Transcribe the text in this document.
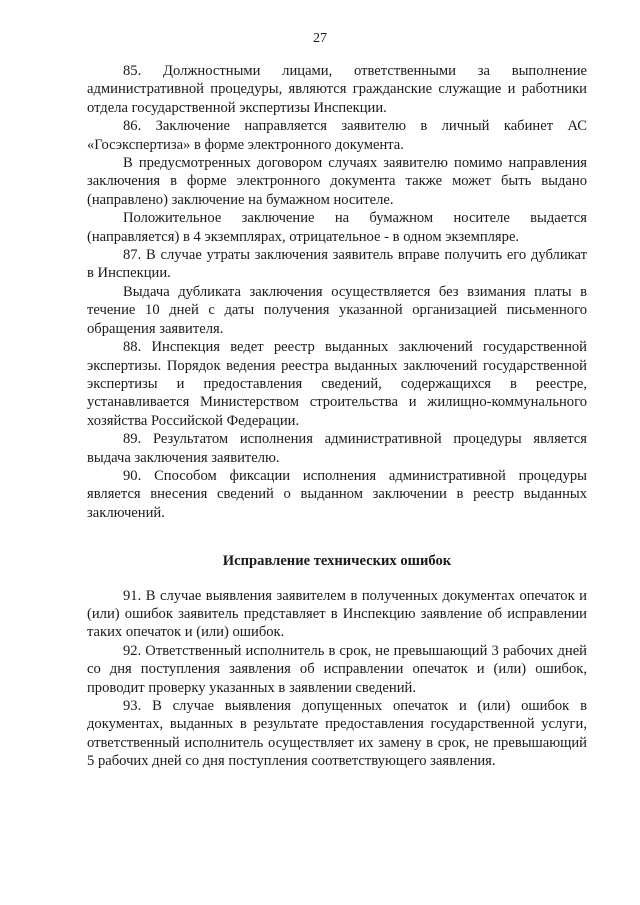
27

85. Должностными лицами, ответственными за выполнение административной процедуры, являются гражданские служащие и работники отдела государственной экспертизы Инспекции.

86. Заключение направляется заявителю в личный кабинет АС «Госэкспертиза» в форме электронного документа.

В предусмотренных договором случаях заявителю помимо направления заключения в форме электронного документа также может быть выдано (направлено) заключение на бумажном носителе.

Положительное заключение на бумажном носителе выдается (направляется) в 4 экземплярах, отрицательное - в одном экземпляре.

87. В случае утраты заключения заявитель вправе получить его дубликат в Инспекции.

Выдача дубликата заключения осуществляется без взимания платы в течение 10 дней с даты получения указанной организацией письменного обращения заявителя.

88. Инспекция ведет реестр выданных заключений государственной экспертизы. Порядок ведения реестра выданных заключений государственной экспертизы и предоставления сведений, содержащихся в реестре, устанавливается Министерством строительства и жилищно-коммунального хозяйства Российской Федерации.

89. Результатом исполнения административной процедуры является выдача заключения заявителю.

90. Способом фиксации исполнения административной процедуры является внесения сведений о выданном заключении в реестр выданных заключений.

Исправление технических ошибок

91. В случае выявления заявителем в полученных документах опечаток и (или) ошибок заявитель представляет в Инспекцию заявление об исправлении таких опечаток и (или) ошибок.

92. Ответственный исполнитель в срок, не превышающий 3 рабочих дней со дня поступления заявления об исправлении опечаток и (или) ошибок, проводит проверку указанных в заявлении сведений.

93. В случае выявления допущенных опечаток и (или) ошибок в документах, выданных в результате предоставления государственной услуги, ответственный исполнитель осуществляет их замену в срок, не превышающий 5 рабочих дней со дня поступления соответствующего заявления.
